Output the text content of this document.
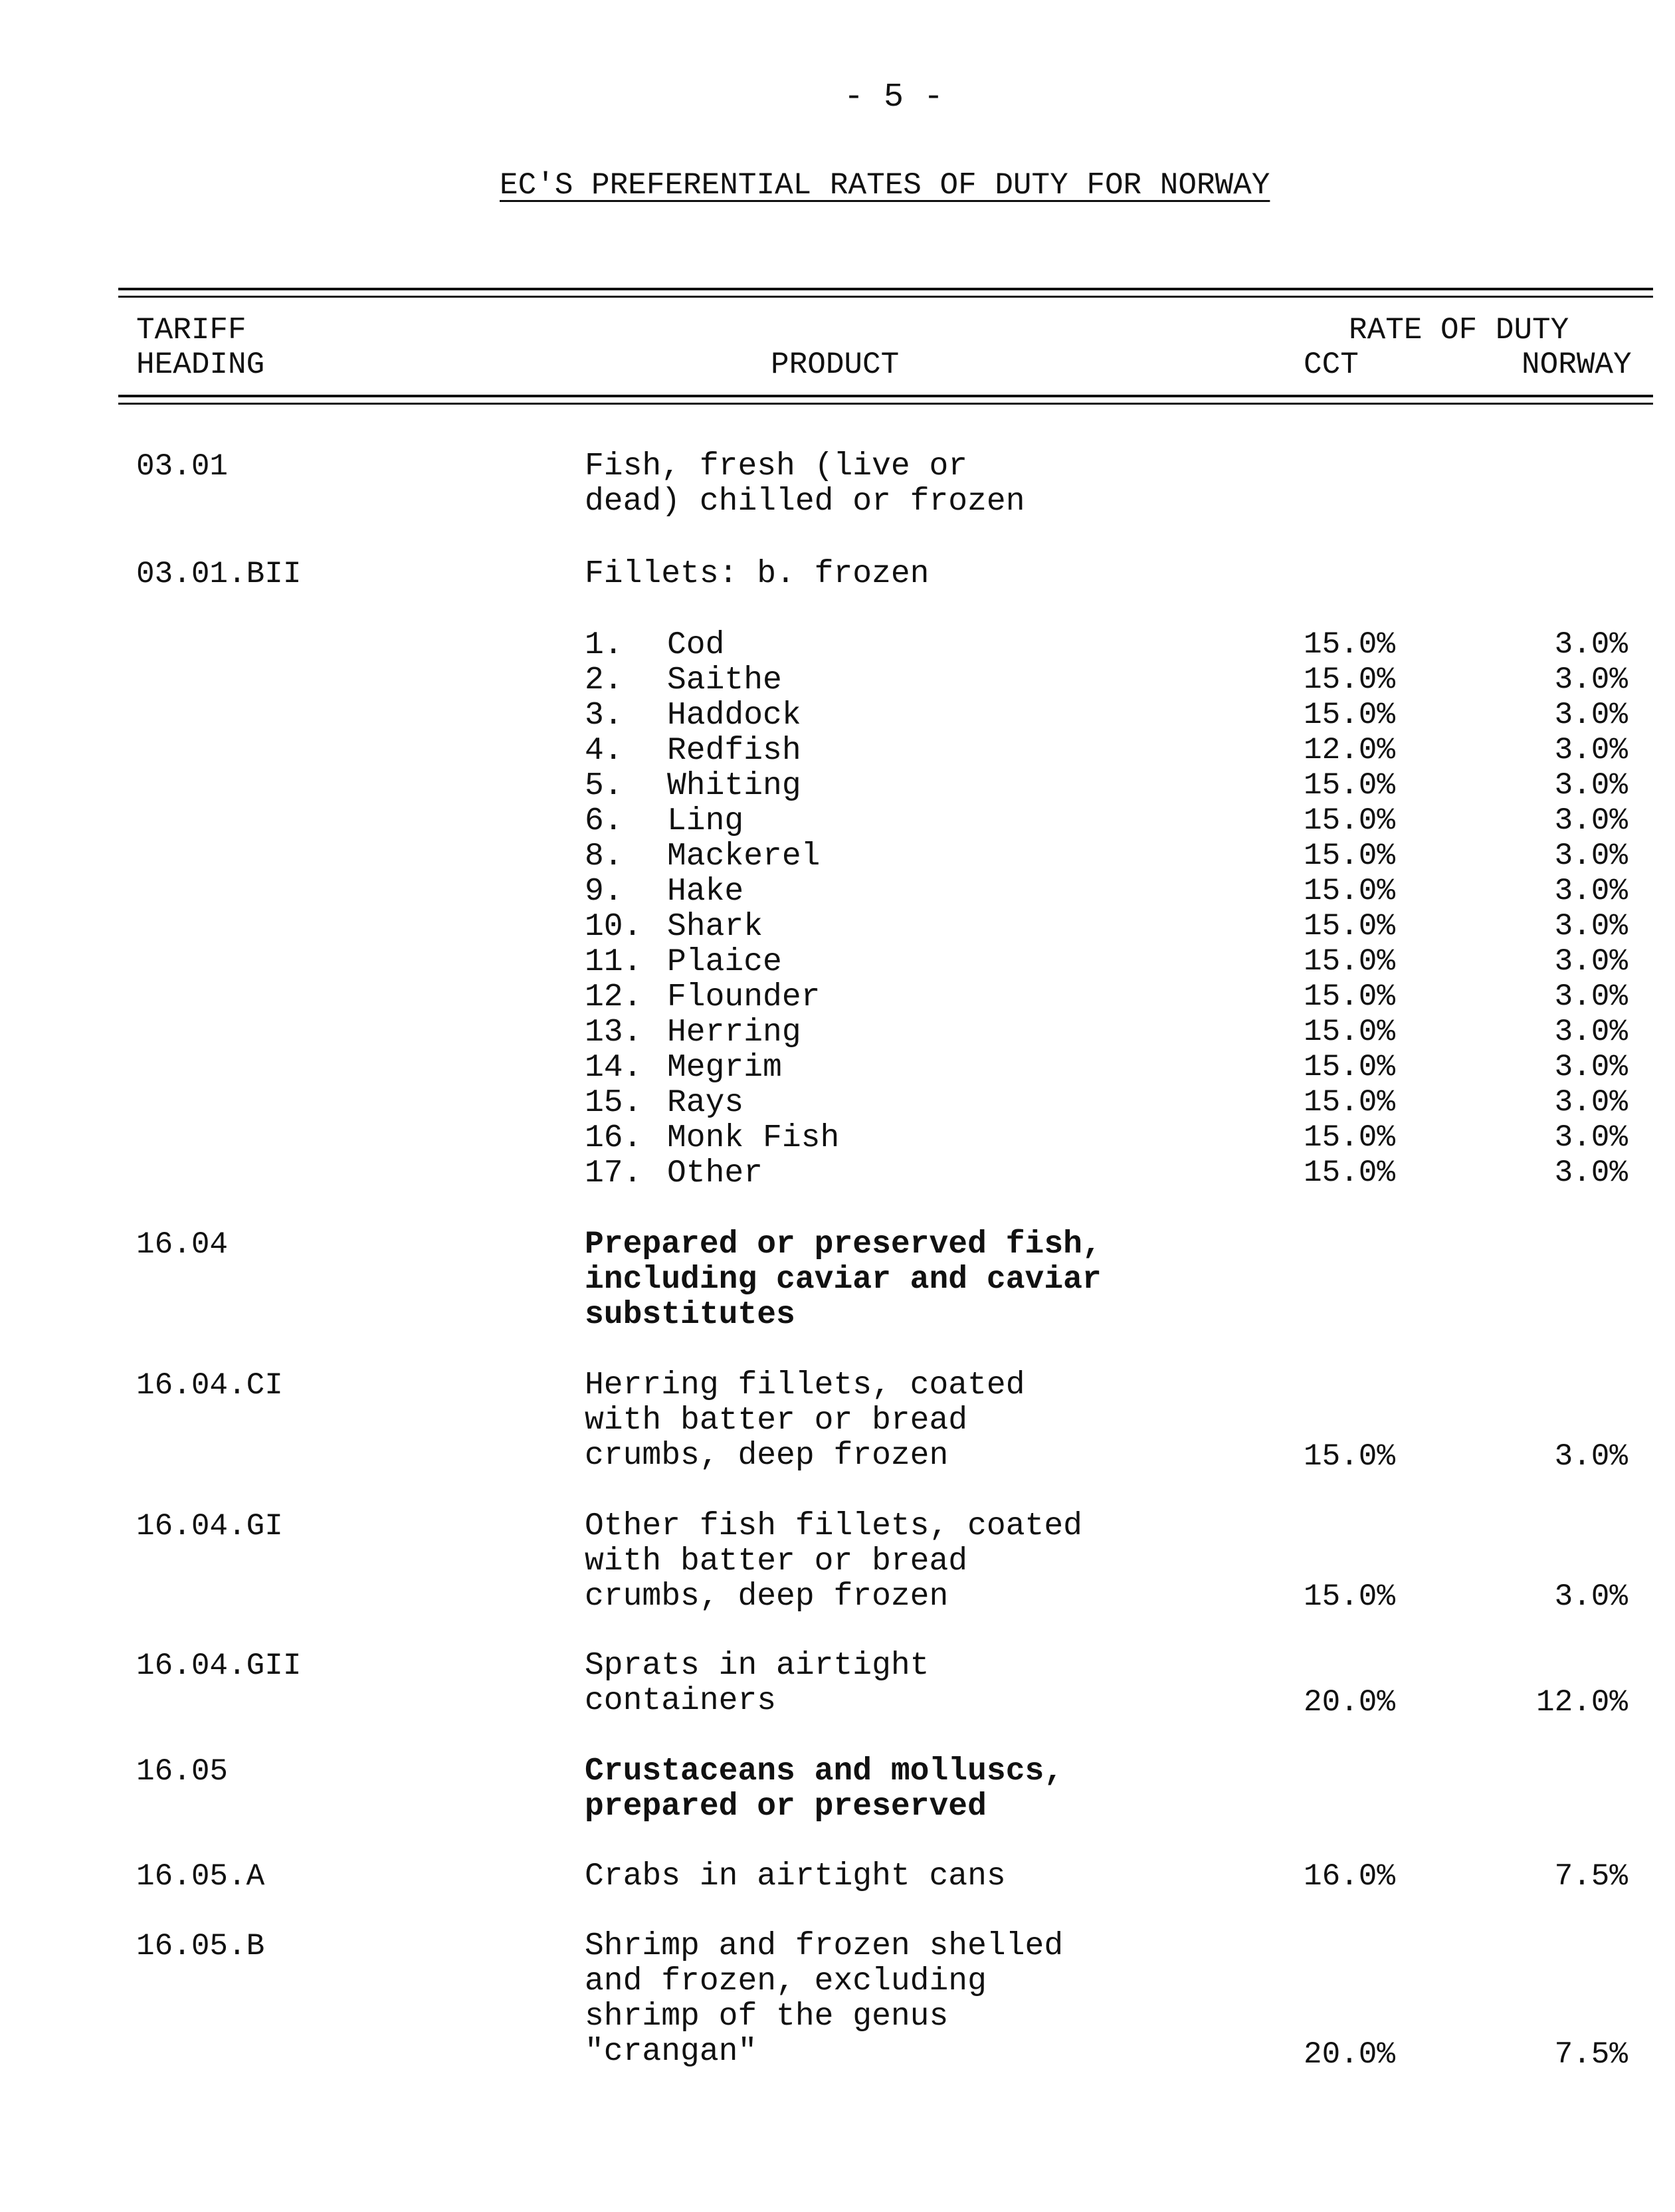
- 5 -
EC'S PREFERENTIAL RATES OF DUTY FOR NORWAY
TARIFF
HEADING	PRODUCT
RATE OF DUTY
CCT	NORWAY
03.01	Fish, fresh (live or
dead) chilled or frozen
03.01.BII	Fillets: b. frozen
1. Cod	15.0%	3.0%
2. Saithe	15.0%	3.0%
3. Haddock	15.0%	3.0%
4. Redfish	12.0%	3.0%
5. Whiting	15.0%	3.0%
6. Ling	15.0%	3.0%
8. Mackerel	15.0%	3.0%
9. Hake	15.0%	3.0%
10. Shark	15.0%	3.0%
11. Plaice	15.0%	3.0%
12. Flounder	15.0%	3.0%
13. Herring	15.0%	3.0%
14. Megrim	15.0%	3.0%
15. Rays	15.0%	3.0%
16. Monk Fish	15.0%	3.0%
17. Other	15.0%	3.0%
16.04	Prepared or preserved fish,
including caviar and caviar
substitutes
16.04.CI	Herring fillets, coated
with batter or bread
crumbs, deep frozen	15.0%	3.0%
16.04.GI	Other fish fillets, coated
with batter or bread
crumbs, deep frozen	15.0%	3.0%
16.04.GII	Sprats in airtight
containers	20.0%	12.0%
16.05	Crustaceans and molluscs,
prepared or preserved
16.05.A	Crabs in airtight cans	16.0%	7.5%
16.05.B	Shrimp and frozen shelled
and frozen, excluding
shrimp of the genus
"crangan"	20.0%	7.5%
